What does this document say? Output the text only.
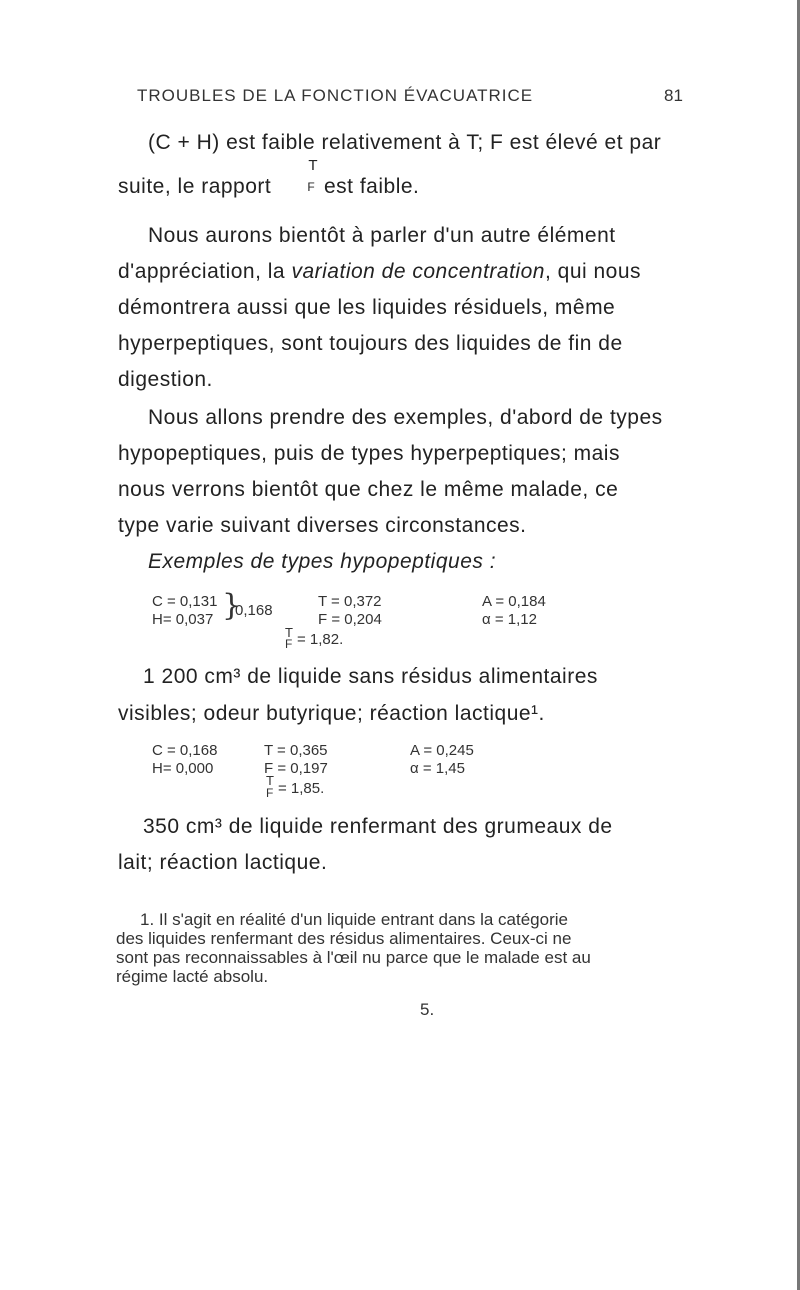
TROUBLES DE LA FONCTION ÉVACUATRICE	81
(C + H) est faible relativement à T; F est élevé et par
suite, le rapport
T
F est faible.
Nous aurons bientôt à parler d'un autre élément
d'appréciation, la variation de concentration, qui nous
démontrera aussi que les liquides résiduels, même
hyperpeptiques, sont toujours des liquides de fin de
digestion.
Nous allons prendre des exemples, d'abord de types
hypopeptiques, puis de types hyperpeptiques; mais
nous verrons bientôt que chez le même malade, ce
type varie suivant diverses circonstances.
Exemples de types hypopeptiques :
C = 0,131
H= 0,037 }
0,168
T = 0,372
F = 0,204
A = 0,184
α = 1,12
T
F = 1,82.
1 200 cm³ de liquide sans résidus alimentaires
visibles; odeur butyrique; réaction lactique¹.
C = 0,168
H= 0,000
T = 0,365
F = 0,197
A = 0,245
α = 1,45
T
F = 1,85.
350 cm³ de liquide renfermant des grumeaux de
lait; réaction lactique.
1. Il s'agit en réalité d'un liquide entrant dans la catégorie
des liquides renfermant des résidus alimentaires. Ceux-ci ne
sont pas reconnaissables à l'œil nu parce que le malade est au
régime lacté absolu.
5.
